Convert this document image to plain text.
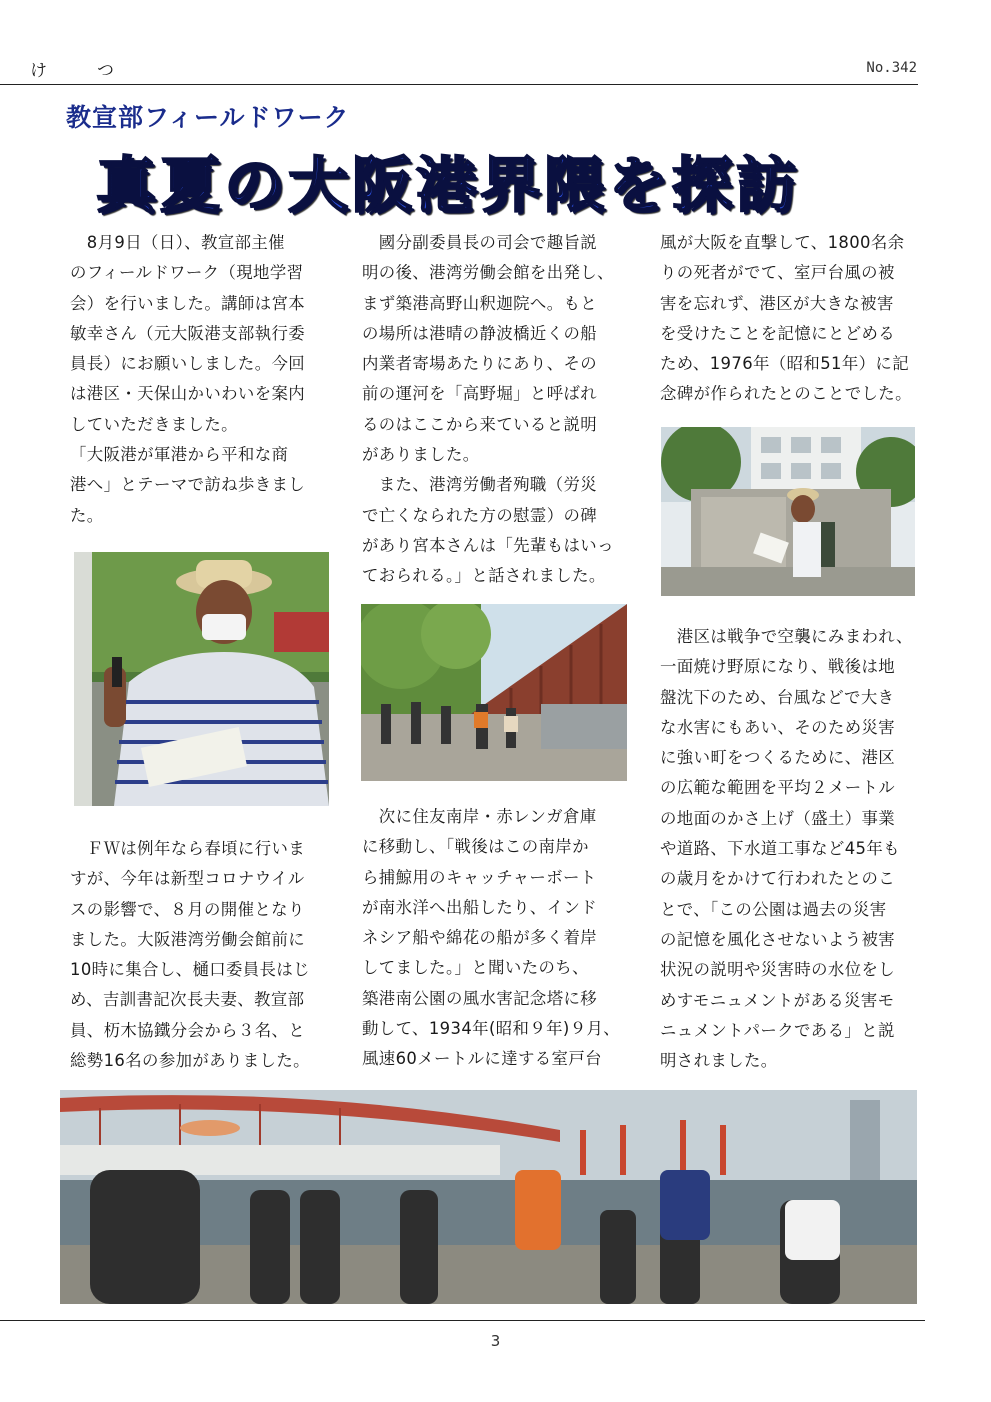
けつ	No.342
教宣部フィールドワーク
真夏の大阪港界隈を探訪
　8月9日（日）、教宣部主催
のフィールドワーク（現地学習
会）を行いました。講師は宮本
敏幸さん（元大阪港支部執行委
員長）にお願いしました。今回
は港区・天保山かいわいを案内
していただきました。
「大阪港が軍港から平和な商
港へ」とテーマで訪ね歩きまし
た。
　ＦＷは例年なら春頃に行いま
すが、今年は新型コロナウイル
スの影響で、８月の開催となり
ました。大阪港湾労働会館前に
10時に集合し、樋口委員長はじ
め、吉訓書記次長夫妻、教宣部
員、杤木協鐵分会から３名、と
総勢16名の参加がありました。
　國分副委員長の司会で趣旨説
明の後、港湾労働会館を出発し、
まず築港高野山釈迦院へ。もと
の場所は港晴の静波橋近くの船
内業者寄場あたりにあり、その
前の運河を「高野堀」と呼ばれ
るのはここから来ていると説明
がありました。
　また、港湾労働者殉職（労災
で亡くなられた方の慰霊）の碑
があり宮本さんは「先輩もはいっ
ておられる。」と話されました。
　次に住友南岸・赤レンガ倉庫
に移動し、「戦後はこの南岸か
ら捕鯨用のキャッチャーボート
が南氷洋へ出船したり、インド
ネシア船や綿花の船が多く着岸
してました。」と聞いたのち、
築港南公園の風水害記念塔に移
動して、1934年(昭和９年)９月、
風速60メートルに達する室戸台
風が大阪を直撃して、1800名余
りの死者がでて、室戸台風の被
害を忘れず、港区が大きな被害
を受けたことを記憶にとどめる
ため、1976年（昭和51年）に記
念碑が作られたとのことでした。
　港区は戦争で空襲にみまわれ、
一面焼け野原になり、戦後は地
盤沈下のため、台風などで大き
な水害にもあい、そのため災害
に強い町をつくるために、港区
の広範な範囲を平均２メートル
の地面のかさ上げ（盛土）事業
や道路、下水道工事など45年も
の歳月をかけて行われたとのこ
とで、「この公園は過去の災害
の記憶を風化させないよう被害
状況の説明や災害時の水位をし
めすモニュメントがある災害モ
ニュメントパークである」と説
明されました。
3
